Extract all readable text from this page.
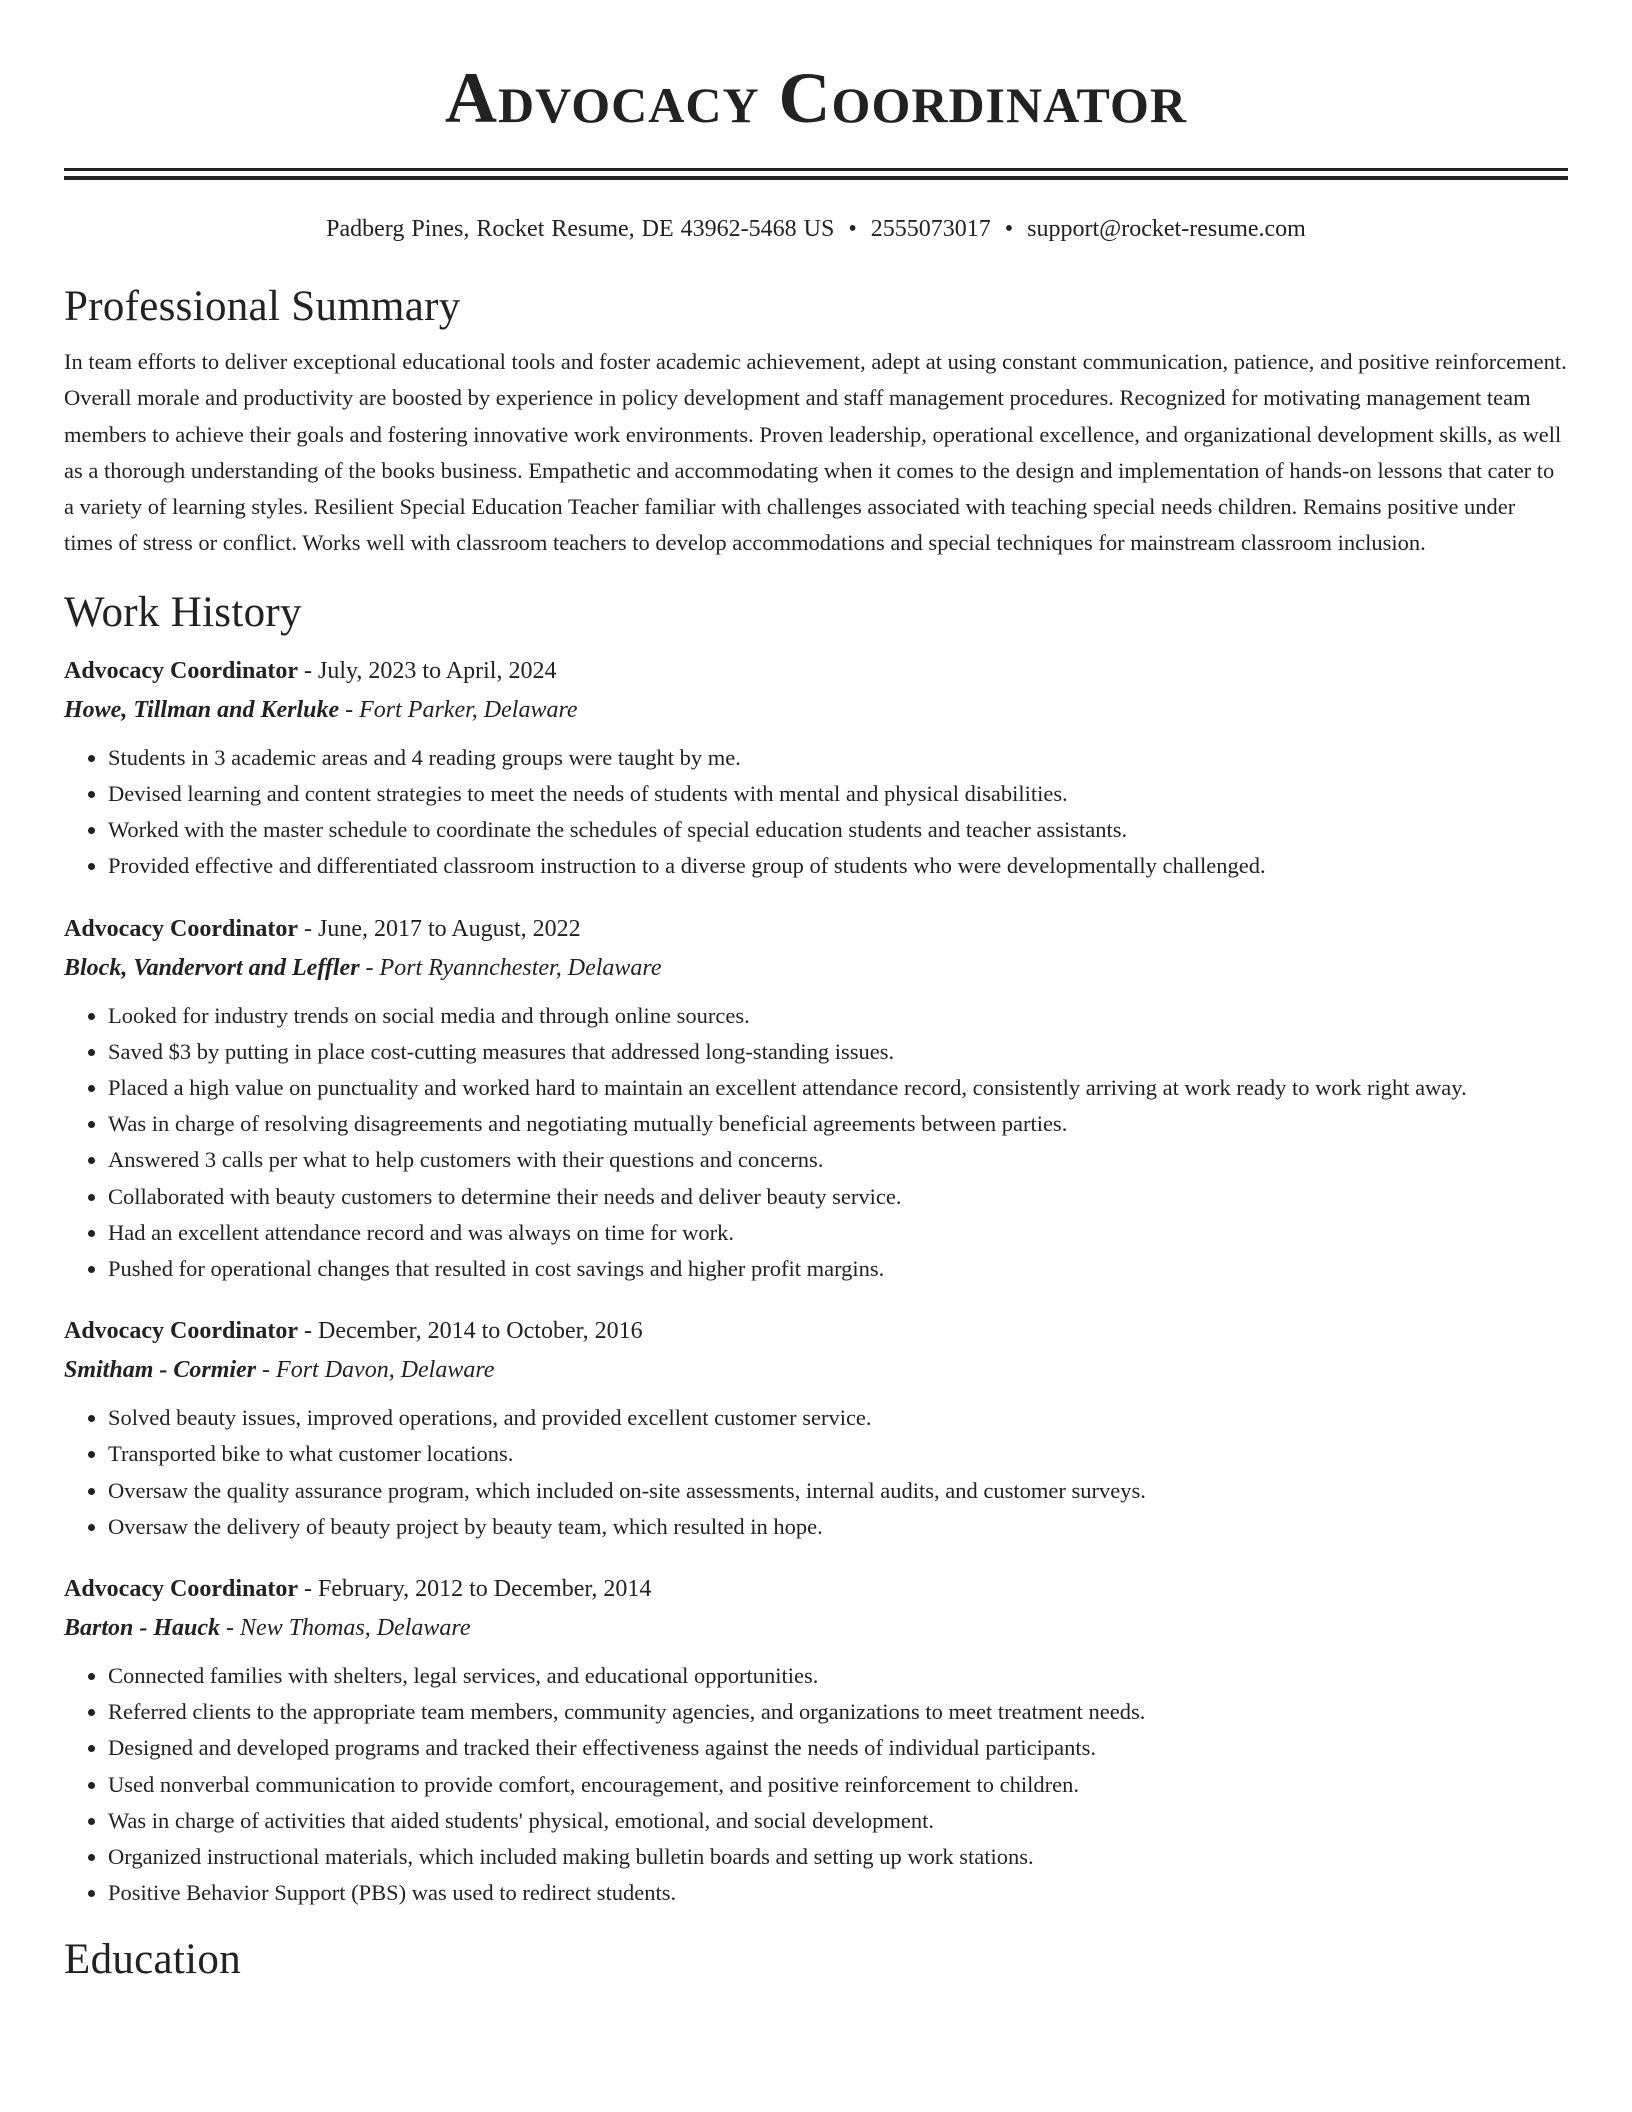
Advocacy Coordinator
Padberg Pines, Rocket Resume, DE 43962-5468 US • 2555073017 • support@rocket-resume.com
Professional Summary

In team efforts to deliver exceptional educational tools and foster academic achievement, adept at using constant communication, patience, and positive reinforcement. Overall morale and productivity are boosted by experience in policy development and staff management procedures. Recognized for motivating management team members to achieve their goals and fostering innovative work environments. Proven leadership, operational excellence, and organizational development skills, as well as a thorough understanding of the books business. Empathetic and accommodating when it comes to the design and implementation of hands-on lessons that cater to a variety of learning styles. Resilient Special Education Teacher familiar with challenges associated with teaching special needs children. Remains positive under times of stress or conflict. Works well with classroom teachers to develop accommodations and special techniques for mainstream classroom inclusion.

Work History
Advocacy Coordinator - July, 2023 to April, 2024
Howe, Tillman and Kerluke - Fort Parker, Delaware
• Students in 3 academic areas and 4 reading groups were taught by me.
• Devised learning and content strategies to meet the needs of students with mental and physical disabilities.
• Worked with the master schedule to coordinate the schedules of special education students and teacher assistants.
• Provided effective and differentiated classroom instruction to a diverse group of students who were developmentally challenged.
Advocacy Coordinator - June, 2017 to August, 2022
Block, Vandervort and Leffler - Port Ryannchester, Delaware
• Looked for industry trends on social media and through online sources.
• Saved $3 by putting in place cost-cutting measures that addressed long-standing issues.
• Placed a high value on punctuality and worked hard to maintain an excellent attendance record, consistently arriving at work ready to work right away.
• Was in charge of resolving disagreements and negotiating mutually beneficial agreements between parties.
• Answered 3 calls per what to help customers with their questions and concerns.
• Collaborated with beauty customers to determine their needs and deliver beauty service.
• Had an excellent attendance record and was always on time for work.
• Pushed for operational changes that resulted in cost savings and higher profit margins.
Advocacy Coordinator - December, 2014 to October, 2016
Smitham - Cormier - Fort Davon, Delaware
• Solved beauty issues, improved operations, and provided excellent customer service.
• Transported bike to what customer locations.
• Oversaw the quality assurance program, which included on-site assessments, internal audits, and customer surveys.
• Oversaw the delivery of beauty project by beauty team, which resulted in hope.
Advocacy Coordinator - February, 2012 to December, 2014
Barton - Hauck - New Thomas, Delaware
• Connected families with shelters, legal services, and educational opportunities.
• Referred clients to the appropriate team members, community agencies, and organizations to meet treatment needs.
• Designed and developed programs and tracked their effectiveness against the needs of individual participants.
• Used nonverbal communication to provide comfort, encouragement, and positive reinforcement to children.
• Was in charge of activities that aided students' physical, emotional, and social development.
• Organized instructional materials, which included making bulletin boards and setting up work stations.
• Positive Behavior Support (PBS) was used to redirect students.
Education
